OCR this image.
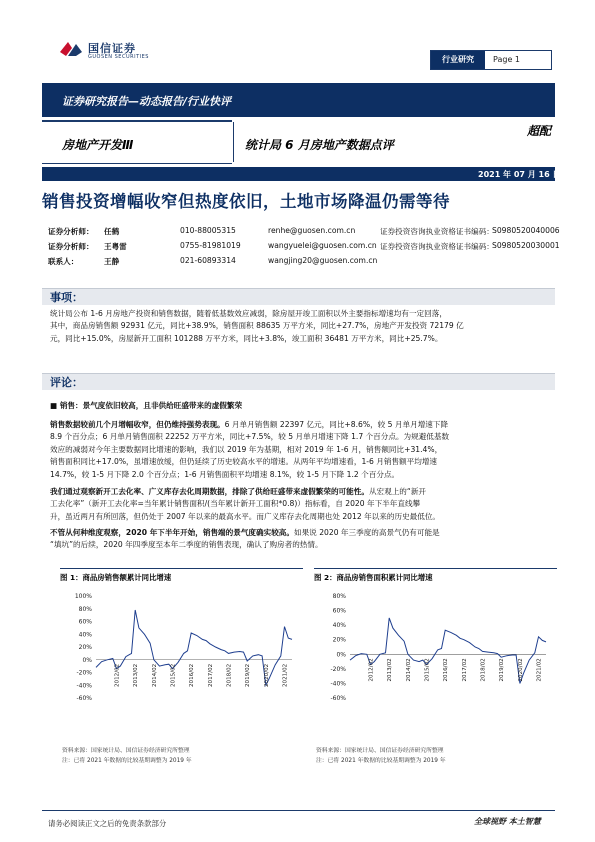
国信证券
GUOSEN SECURITIES	行业研究	Page 1
证券研究报告—动态报告/行业快评
房地产开发Ⅲ	统计局 6 月房地产数据点评
超配
2021 年 07 月 16 日
销售投资增幅收窄但热度依旧，土地市场降温仍需等待
证券分析师： 任鹤	010-88005315	renhe@guosen.com.cn	证券投资咨询执业资格证书编码：
S0980520040006
证券分析师： 王粤雷	0755-81981019	wangyuelei@guosen.com.cn 证券投资咨询执业资格证书编码：
S0980520030001
联系人：	王静	021-60893314	wangjing20@guosen.com.cn
事项：
统计局公布 1-6 月房地产投资和销售数据，随着低基数效应减弱，除房屋开竣工面积以外主要指标增速均有一定回落，
其中，商品房销售额 92931 亿元，同比+38.9%，销售面积 88635 万平方米，同比+27.7%，房地产开发投资 72179 亿
元，同比+15.0%，房屋新开工面积 101288 万平方米，同比+3.8%，竣工面积 36481 万平方米，同比+25.7%。
评论：
■ 销售：景气度依旧较高，且非供给旺盛带来的虚假繁荣
销售数据较前几个月增幅收窄，但仍维持强势表现。6 月单月销售额 22397 亿元，同比+8.6%，较 5 月单月增速下降
8.9 个百分点；6 月单月销售面积 22252 万平方米，同比+7.5%，较 5 月单月增速下降 1.7 个百分点。为规避低基数
效应的减弱对今年主要数据同比增速的影响，我们以 2019 年为基期，相对 2019 年 1-6 月，销售额同比+31.4%，
销售面积同比+17.0%，虽增速放缓，但仍延续了历史较高水平的增速。从两年平均增速看，1-6 月销售额平均增速
14.7%，较 1-5 月下降 2.0 个百分点；1-6 月销售面积平均增速 8.1%，较 1-5 月下降 1.2 个百分点。
我们通过观察新开工去化率、广义库存去化周期数据，排除了供给旺盛带来虚假繁荣的可能性。从宏观上的“新开
工去化率”（新开工去化率=当年累计销售面积/(当年累计新开工面积*0.8)）指标看，自 2020 年下半年直线攀
升，虽近两月有所回落，但仍处于 2007 年以来的最高水平。而广义库存去化周期也处 2012 年以来的历史最低位。
不管从何种维度观察，2020 年下半年开始，销售端的景气度确实较高。如果说 2020 年三季度的高景气仍有可能是
“填坑”的后续，2020 年四季度至本年二季度的销售表现，确认了购房者的热情。
图 1：商品房销售额累计同比增速
100%
80%
60%
40%
20%
0%
-20%
-40%
-60%
2012/02 2013/02 2014/02 2015/02 2016/02 2017/02 2018/02 2019/02 2020/02 2021/02
资料来源：国家统计局、国信证券经济研究所整理
注：已将 2021 年数据的比较基期调整为 2019 年
图 2：商品房销售面积累计同比增速
80%
60%
40%
20%
0%
-20%
-40%
-60%
2012/02 2013/02 2014/02 2015/02 2016/02 2017/02 2018/02 2019/02 2020/02 2021/02
资料来源：国家统计局、国信证券经济研究所整理
注：已将 2021 年数据的比较基期调整为 2019 年
请务必阅读正文之后的免责条款部分	全球视野 本土智慧
